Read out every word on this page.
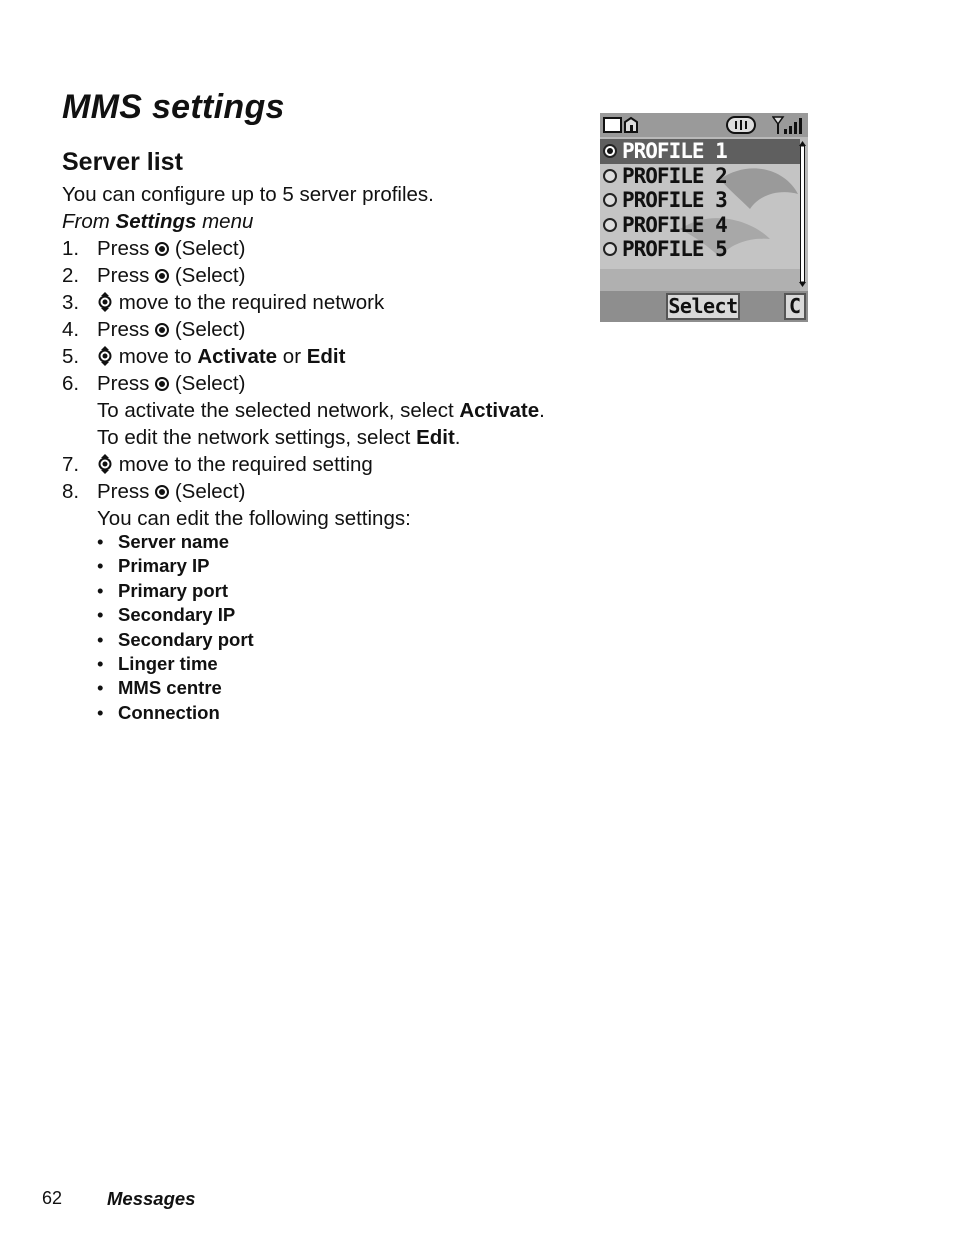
MMS settings
Server list
You can configure up to 5 server profiles.
From Settings menu
1. Press (Select)
2. Press (Select)
3. move to the required network
4. Press (Select)
5. move to Activate or Edit
6. Press (Select)
To activate the selected network, select Activate.
To edit the network settings, select Edit.
7. move to the required setting
8. Press (Select)
You can edit the following settings:
• Server name
• Primary IP
• Primary port
• Secondary IP
• Secondary port
• Linger time
• MMS centre
• Connection
PROFILE 1
PROFILE 2
PROFILE 3
PROFILE 4
PROFILE 5
Select	C
62 Messages
